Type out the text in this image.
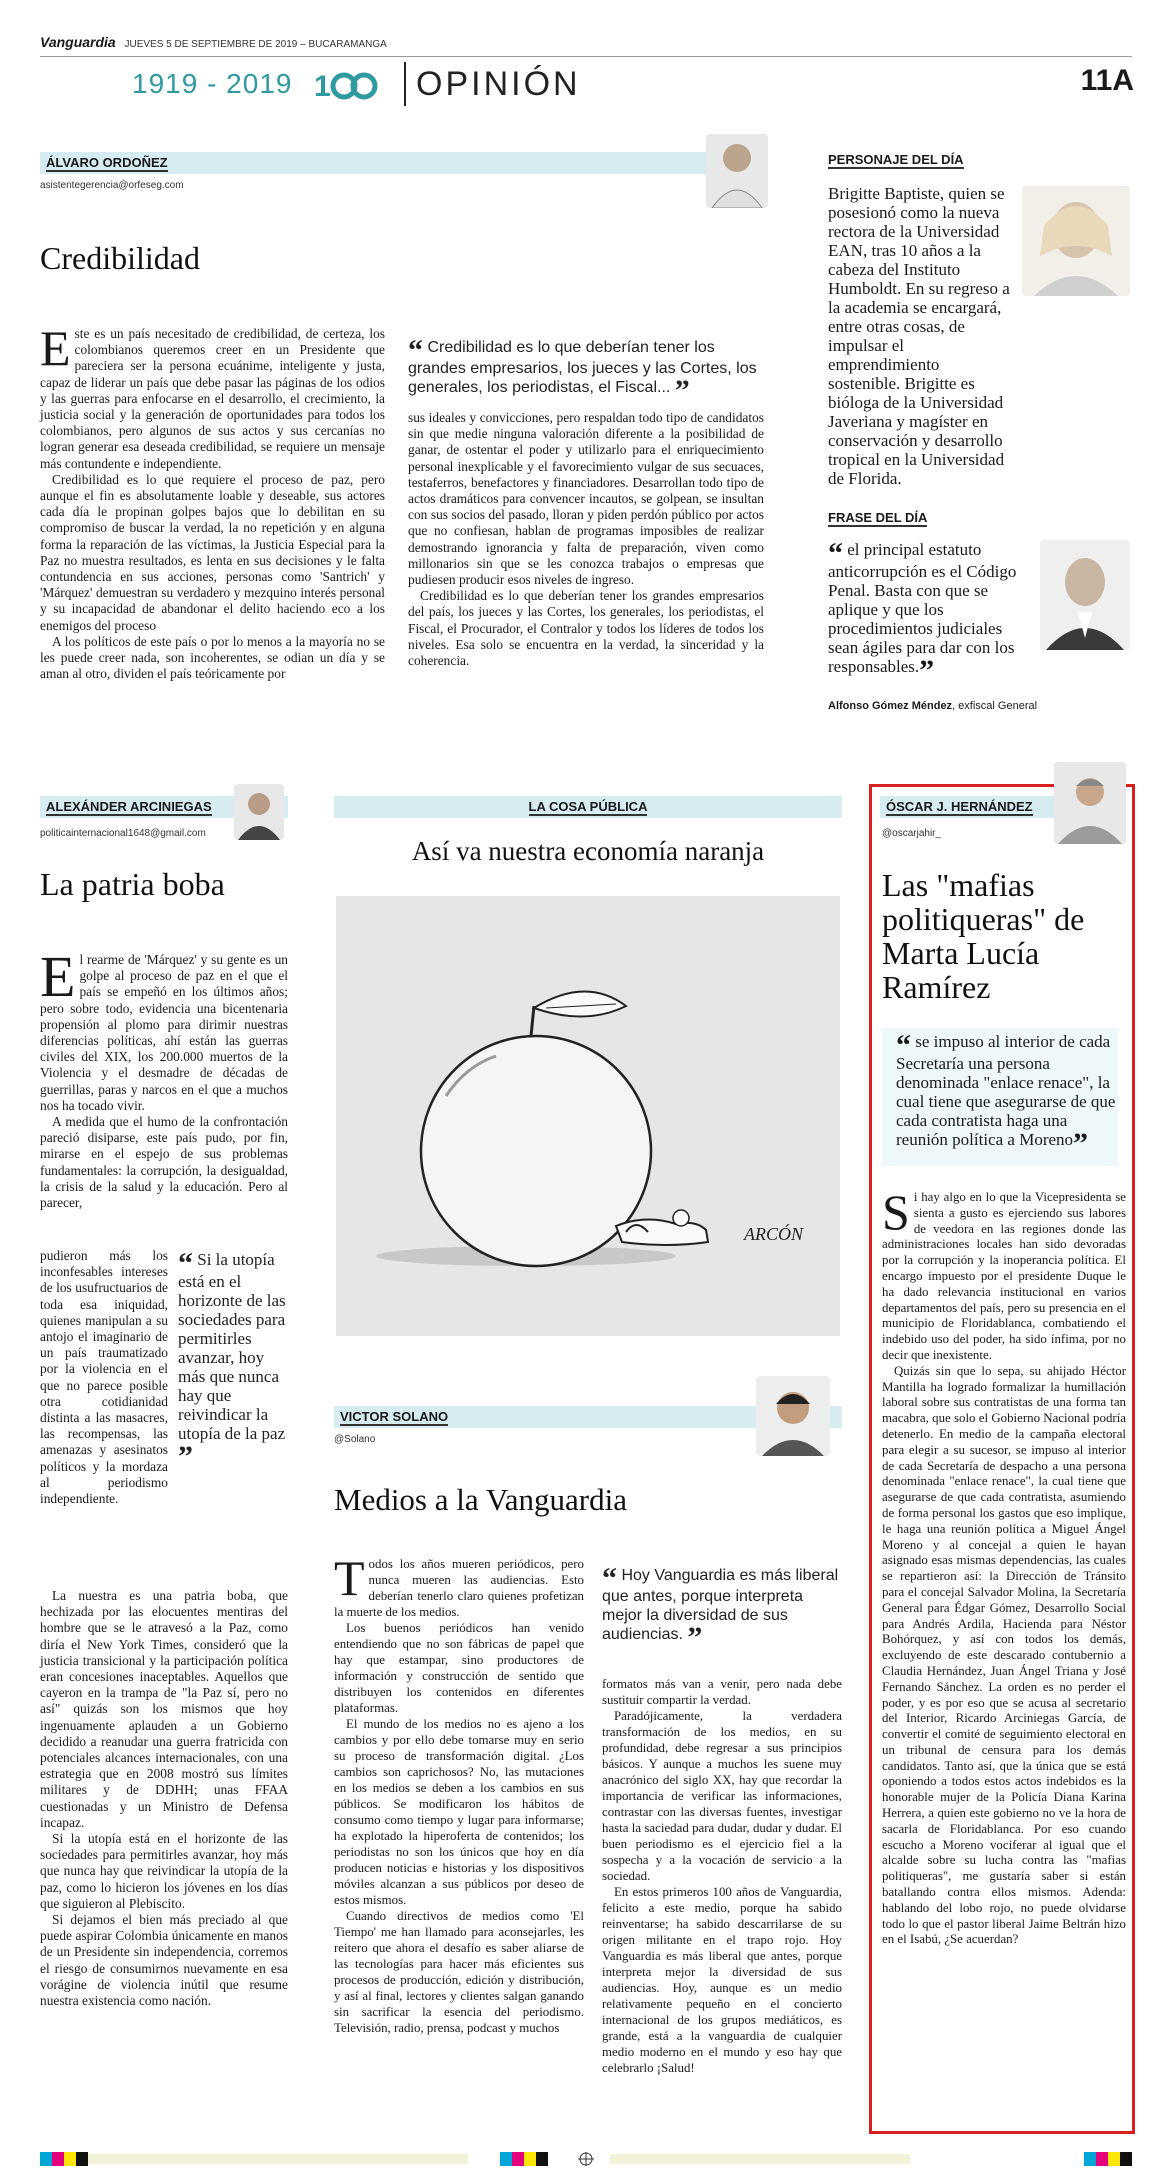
Vanguardia JUEVES 5 DE SEPTIEMBRE DE 2019 – BUCARAMANGA
1919 - 2019 1	OPINIÓN	11A
ÁLVARO ORDOÑEZ
asistentegerencia@orfeseg.com
Credibilidad

Este es un país necesitado de credibilidad, de certeza, los colombianos queremos creer en un Presidente que pareciera ser la persona ecuánime, inteligente y justa, capaz de liderar un país que debe pasar las páginas de los odios y las guerras para enfocarse en el desarrollo, el crecimiento, la justicia social y la generación de oportunidades para todos los colombianos, pero algunos de sus actos y sus cercanías no logran generar esa deseada credibilidad, se requiere un mensaje más contundente e independiente.

Credibilidad es lo que requiere el proceso de paz, pero aunque el fin es absolutamente loable y deseable, sus actores cada día le propinan golpes bajos que lo debilitan en su compromiso de buscar la verdad, la no repetición y en alguna forma la reparación de las víctimas, la Justicia Especial para la Paz no muestra resultados, es lenta en sus decisiones y le falta contundencia en sus acciones, personas como 'Santrich' y 'Márquez' demuestran su verdadero y mezquino interés personal y su incapacidad de abandonar el delito haciendo eco a los enemigos del proceso

A los políticos de este país o por lo menos a la mayoría no se les puede creer nada, son incoherentes, se odian un día y se aman al otro, dividen el país teóricamente por

“ Credibilidad es lo que deberían tener los grandes empresarios, los jueces y las Cortes, los generales, los periodistas, el Fiscal... ”

sus ideales y convicciones, pero respaldan todo tipo de candidatos sin que medie ninguna valoración diferente a la posibilidad de ganar, de ostentar el poder y utilizarlo para el enriquecimiento personal inexplicable y el favorecimiento vulgar de sus secuaces, testaferros, benefactores y financiadores. Desarrollan todo tipo de actos dramáticos para convencer incautos, se golpean, se insultan con sus socios del pasado, lloran y piden perdón público por actos que no confiesan, hablan de programas imposibles de realizar demostrando ignorancia y falta de preparación, viven como millonarios sin que se les conozca trabajos o empresas que pudiesen producir esos niveles de ingreso.

Credibilidad es lo que deberían tener los grandes empresarios del país, los jueces y las Cortes, los generales, los periodistas, el Fiscal, el Procurador, el Contralor y todos los líderes de todos los niveles. Esa solo se encuentra en la verdad, la sinceridad y la coherencia.

PERSONAJE DEL DÍA
Brigitte Baptiste, quien se posesionó como la nueva rectora de la Universidad EAN, tras 10 años a la cabeza del Instituto Humboldt. En su regreso a la academia se encargará, entre otras cosas, de impulsar el emprendimiento sostenible. Brigitte es bióloga de la Universidad Javeriana y magíster en conservación y desarrollo tropical en la Universidad de Florida.
FRASE DEL DÍA
“ el principal estatuto anticorrupción es el Código Penal. Basta con que se aplique y que los procedimientos judiciales sean ágiles para dar con los responsables.”
Alfonso Gómez Méndez, exfiscal General
ALEXÁNDER ARCINIEGAS
politicainternacional1648@gmail.com
La patria boba

El rearme de 'Márquez' y su gente es un golpe al proceso de paz en el que el país se empeñó en los últimos años; pero sobre todo, evidencia una bicentenaria propensión al plomo para dirimir nuestras diferencias políticas, ahí están las guerras civiles del XIX, los 200.000 muertos de la Violencia y el desmadre de décadas de guerrillas, paras y narcos en el que a muchos nos ha tocado vivir.

A medida que el humo de la confrontación pareció disiparse, este país pudo, por fin, mirarse en el espejo de sus problemas fundamentales: la corrupción, la desigualdad, la crisis de la salud y la educación. Pero al parecer,

pudieron más los inconfesables intereses de los usufructuarios de toda esa iniquidad, quienes manipulan a su antojo el imaginario de un país traumatizado por la violencia en el que no parece posible otra cotidianidad distinta a las masacres, las recompensas, las amenazas y asesinatos políticos y la mordaza al periodismo independiente.

“ Si la utopía está en el horizonte de las sociedades para permitirles avanzar, hoy más que nunca hay que reivindicar la utopía de la paz ”

La nuestra es una patria boba, que hechizada por las elocuentes mentiras del hombre que se le atravesó a la Paz, como diría el New York Times, consideró que la justicia transicional y la participación política eran concesiones inaceptables. Aquellos que cayeron en la trampa de "la Paz sí, pero no así" quizás son los mismos que hoy ingenuamente aplauden a un Gobierno decidido a reanudar una guerra fratricida con potenciales alcances internacionales, con una estrategia que en 2008 mostró sus límites militares y de DDHH; unas FFAA cuestionadas y un Ministro de Defensa incapaz.

Si la utopía está en el horizonte de las sociedades para permitirles avanzar, hoy más que nunca hay que reivindicar la utopía de la paz, como lo hicieron los jóvenes en los días que siguieron al Plebiscito.

Si dejamos el bien más preciado al que puede aspirar Colombia únicamente en manos de un Presidente sin independencia, corremos el riesgo de consumirnos nuevamente en esa vorágine de violencia inútil que resume nuestra existencia como nación.

LA COSA PÚBLICA
Así va nuestra economía naranja
ARCÓN
VICTOR SOLANO
@Solano
Medios a la Vanguardia

Todos los años mueren periódicos, pero nunca mueren las audiencias. Esto deberían tenerlo claro quienes profetizan la muerte de los medios.

Los buenos periódicos han venido entendiendo que no son fábricas de papel que hay que estampar, sino productores de información y construcción de sentido que distribuyen los contenidos en diferentes plataformas.

El mundo de los medios no es ajeno a los cambios y por ello debe tomarse muy en serio su proceso de transformación digital. ¿Los cambios son caprichosos? No, las mutaciones en los medios se deben a los cambios en sus públicos. Se modificaron los hábitos de consumo como tiempo y lugar para informarse; ha explotado la hiperoferta de contenidos; los periodistas no son los únicos que hoy en día producen noticias e historias y los dispositivos móviles alcanzan a sus públicos por deseo de estos mismos.

Cuando directivos de medios como 'El Tiempo' me han llamado para aconsejarles, les reitero que ahora el desafío es saber aliarse de las tecnologías para hacer más eficientes sus procesos de producción, edición y distribución, y así al final, lectores y clientes salgan ganando sin sacrificar la esencia del periodismo. Televisión, radio, prensa, podcast y muchos

“ Hoy Vanguardia es más liberal que antes, porque interpreta mejor la diversidad de sus audiencias. ”

formatos más van a venir, pero nada debe sustituir compartir la verdad.

Paradójicamente, la verdadera transformación de los medios, en su profundidad, debe regresar a sus principios básicos. Y aunque a muchos les suene muy anacrónico del siglo XX, hay que recordar la importancia de verificar las informaciones, contrastar con las diversas fuentes, investigar hasta la saciedad para dudar, dudar y dudar. El buen periodismo es el ejercicio fiel a la sospecha y a la vocación de servicio a la sociedad.

En estos primeros 100 años de Vanguardia, felicito a este medio, porque ha sabido reinventarse; ha sabido descarrilarse de su origen militante en el trapo rojo. Hoy Vanguardia es más liberal que antes, porque interpreta mejor la diversidad de sus audiencias. Hoy, aunque es un medio relativamente pequeño en el concierto internacional de los grupos mediáticos, es grande, está a la vanguardia de cualquier medio moderno en el mundo y eso hay que celebrarlo ¡Salud!

ÓSCAR J. HERNÁNDEZ
@oscarjahir_
Las "mafias politiqueras" de Marta Lucía Ramírez
“ se impuso al interior de cada Secretaría una persona denominada "enlace renace", la cual tiene que asegurarse de que cada contratista haga una reunión política a Moreno”

Si hay algo en lo que la Vicepresidenta se sienta a gusto es ejerciendo sus labores de veedora en las regiones donde las administraciones locales han sido devoradas por la corrupción y la inoperancia política. El encargo impuesto por el presidente Duque le ha dado relevancia institucional en varios departamentos del país, pero su presencia en el municipio de Floridablanca, combatiendo el indebido uso del poder, ha sido ínfima, por no decir que inexistente.

Quizás sin que lo sepa, su ahijado Héctor Mantilla ha logrado formalizar la humillación laboral sobre sus contratistas de una forma tan macabra, que solo el Gobierno Nacional podría detenerlo. En medio de la campaña electoral para elegir a su sucesor, se impuso al interior de cada Secretaría de despacho a una persona denominada "enlace renace", la cual tiene que asegurarse de que cada contratista, asumiendo de forma personal los gastos que eso implique, le haga una reunión política a Miguel Ángel Moreno y al concejal a quien le hayan asignado esas mismas dependencias, las cuales se repartieron así: la Dirección de Tránsito para el concejal Salvador Molina, la Secretaría General para Édgar Gómez, Desarrollo Social para Andrés Ardila, Hacienda para Néstor Bohórquez, y así con todos los demás, excluyendo de este descarado contubernio a Claudia Hernández, Juan Ángel Triana y José Fernando Sánchez. La orden es no perder el poder, y es por eso que se acusa al secretario del Interior, Ricardo Arciniegas García, de convertir el comité de seguimiento electoral en un tribunal de censura para los demás candidatos. Tanto así, que la única que se está oponiendo a todos estos actos indebidos es la honorable mujer de la Policía Diana Karina Herrera, a quien este gobierno no ve la hora de sacarla de Floridablanca. Por eso cuando escucho a Moreno vociferar al igual que el alcalde sobre su lucha contra las "mafias politiqueras", me gustaría saber si están batallando contra ellos mismos. Adenda: hablando del lobo rojo, no puede olvidarse todo lo que el pastor liberal Jaime Beltrán hizo en el Isabú, ¿Se acuerdan?
